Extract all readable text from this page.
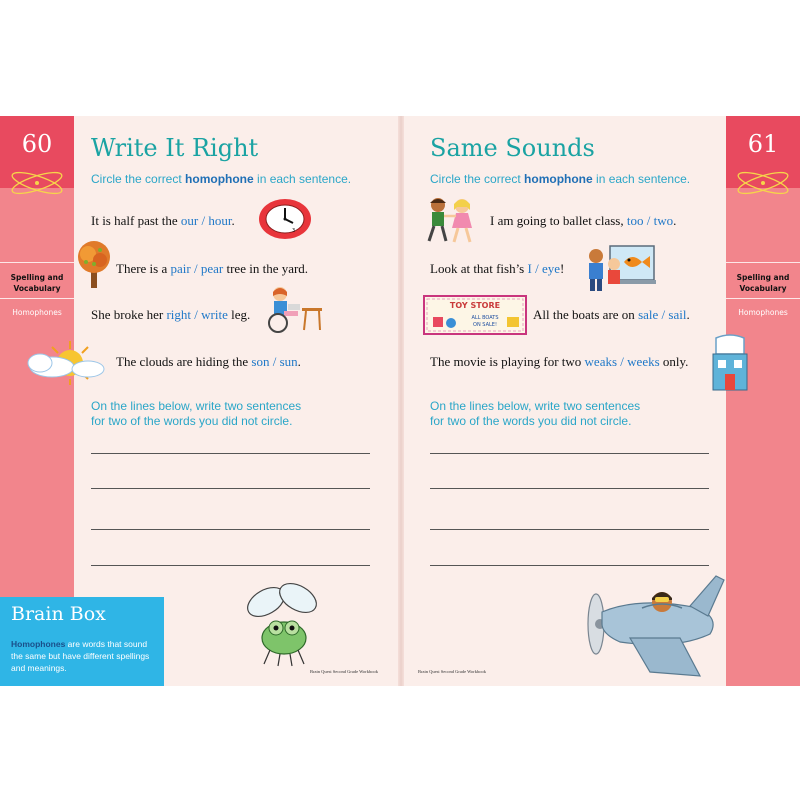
60
Spelling and Vocabulary
Homophones
61
Spelling and Vocabulary
Homophones
Write It Right
Circle the correct homophone in each sentence.
It is half past the our / hour.
There is a pair / pear tree in the yard.
She broke her right / write leg.
The clouds are hiding the son / sun.
On the lines below, write two sentences
for two of the words you did not circle.
Brain Quest Second Grade Workbook
Same Sounds
Circle the correct homophone in each sentence.
I am going to ballet class, too / two.
Look at that fish’s I / eye!
All the boats are on sale / sail.
The movie is playing for two weaks / weeks only.
On the lines below, write two sentences
for two of the words you did not circle.
Brain Quest Second Grade Workbook
3
TOY STORE
ALL BOATS
ON SALE!
Brain Box
Homophones are words that sound the same but have different spellings and meanings.
